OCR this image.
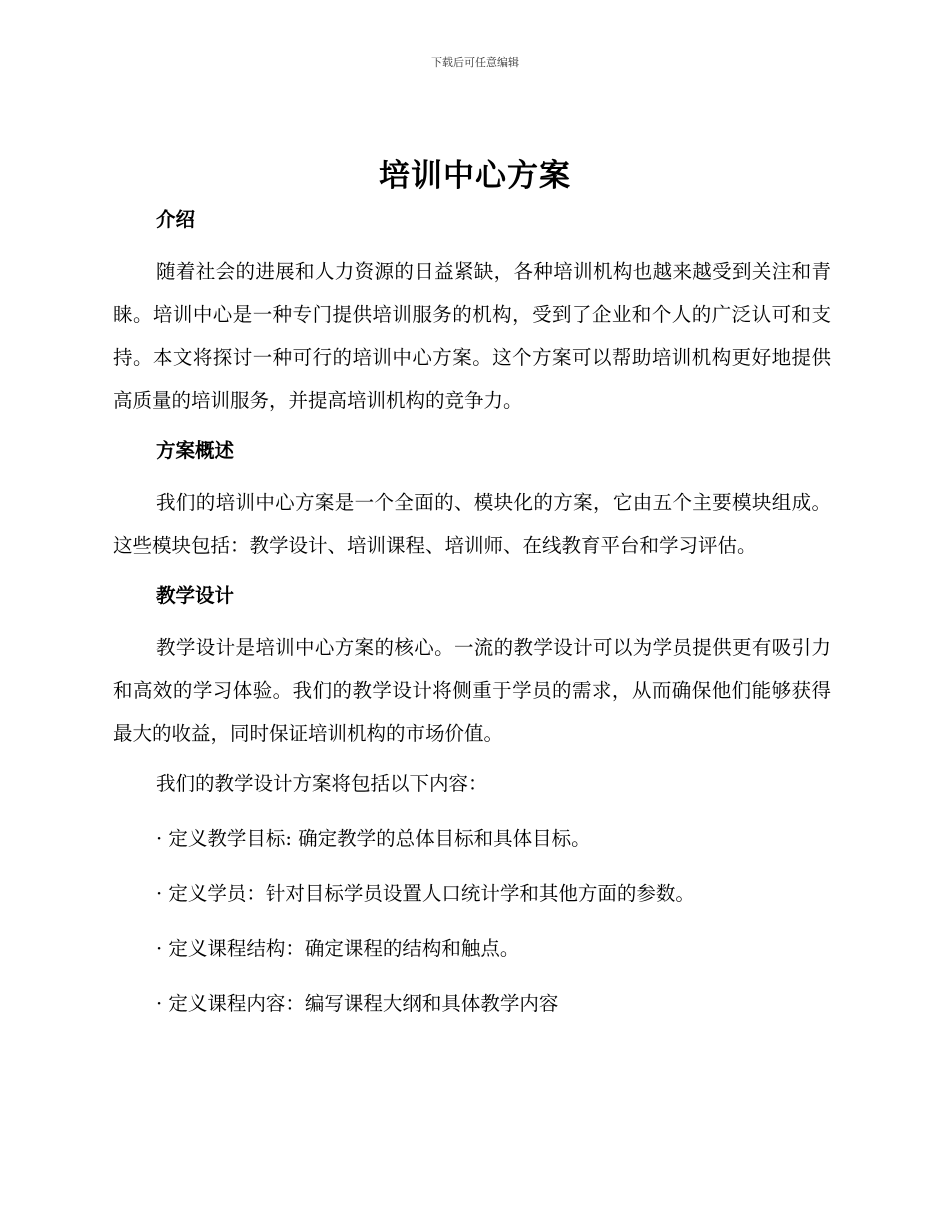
下载后可任意编辑
培训中心方案
介绍

随着社会的进展和人力资源的日益紧缺，各种培训机构也越来越受到关注和青睐。培训中心是一种专门提供培训服务的机构，受到了企业和个人的广泛认可和支持。本文将探讨一种可行的培训中心方案。这个方案可以帮助培训机构更好地提供高质量的培训服务，并提高培训机构的竞争力。

方案概述

我们的培训中心方案是一个全面的、模块化的方案，它由五个主要模块组成。这些模块包括：教学设计、培训课程、培训师、在线教育平台和学习评估。

教学设计

教学设计是培训中心方案的核心。一流的教学设计可以为学员提供更有吸引力和高效的学习体验。我们的教学设计将侧重于学员的需求，从而确保他们能够获得最大的收益，同时保证培训机构的市场价值。

我们的教学设计方案将包括以下内容：

· 定义教学目标: 确定教学的总体目标和具体目标。
· 定义学员：针对目标学员设置人口统计学和其他方面的参数。
· 定义课程结构：确定课程的结构和触点。
· 定义课程内容：编写课程大纲和具体教学内容
